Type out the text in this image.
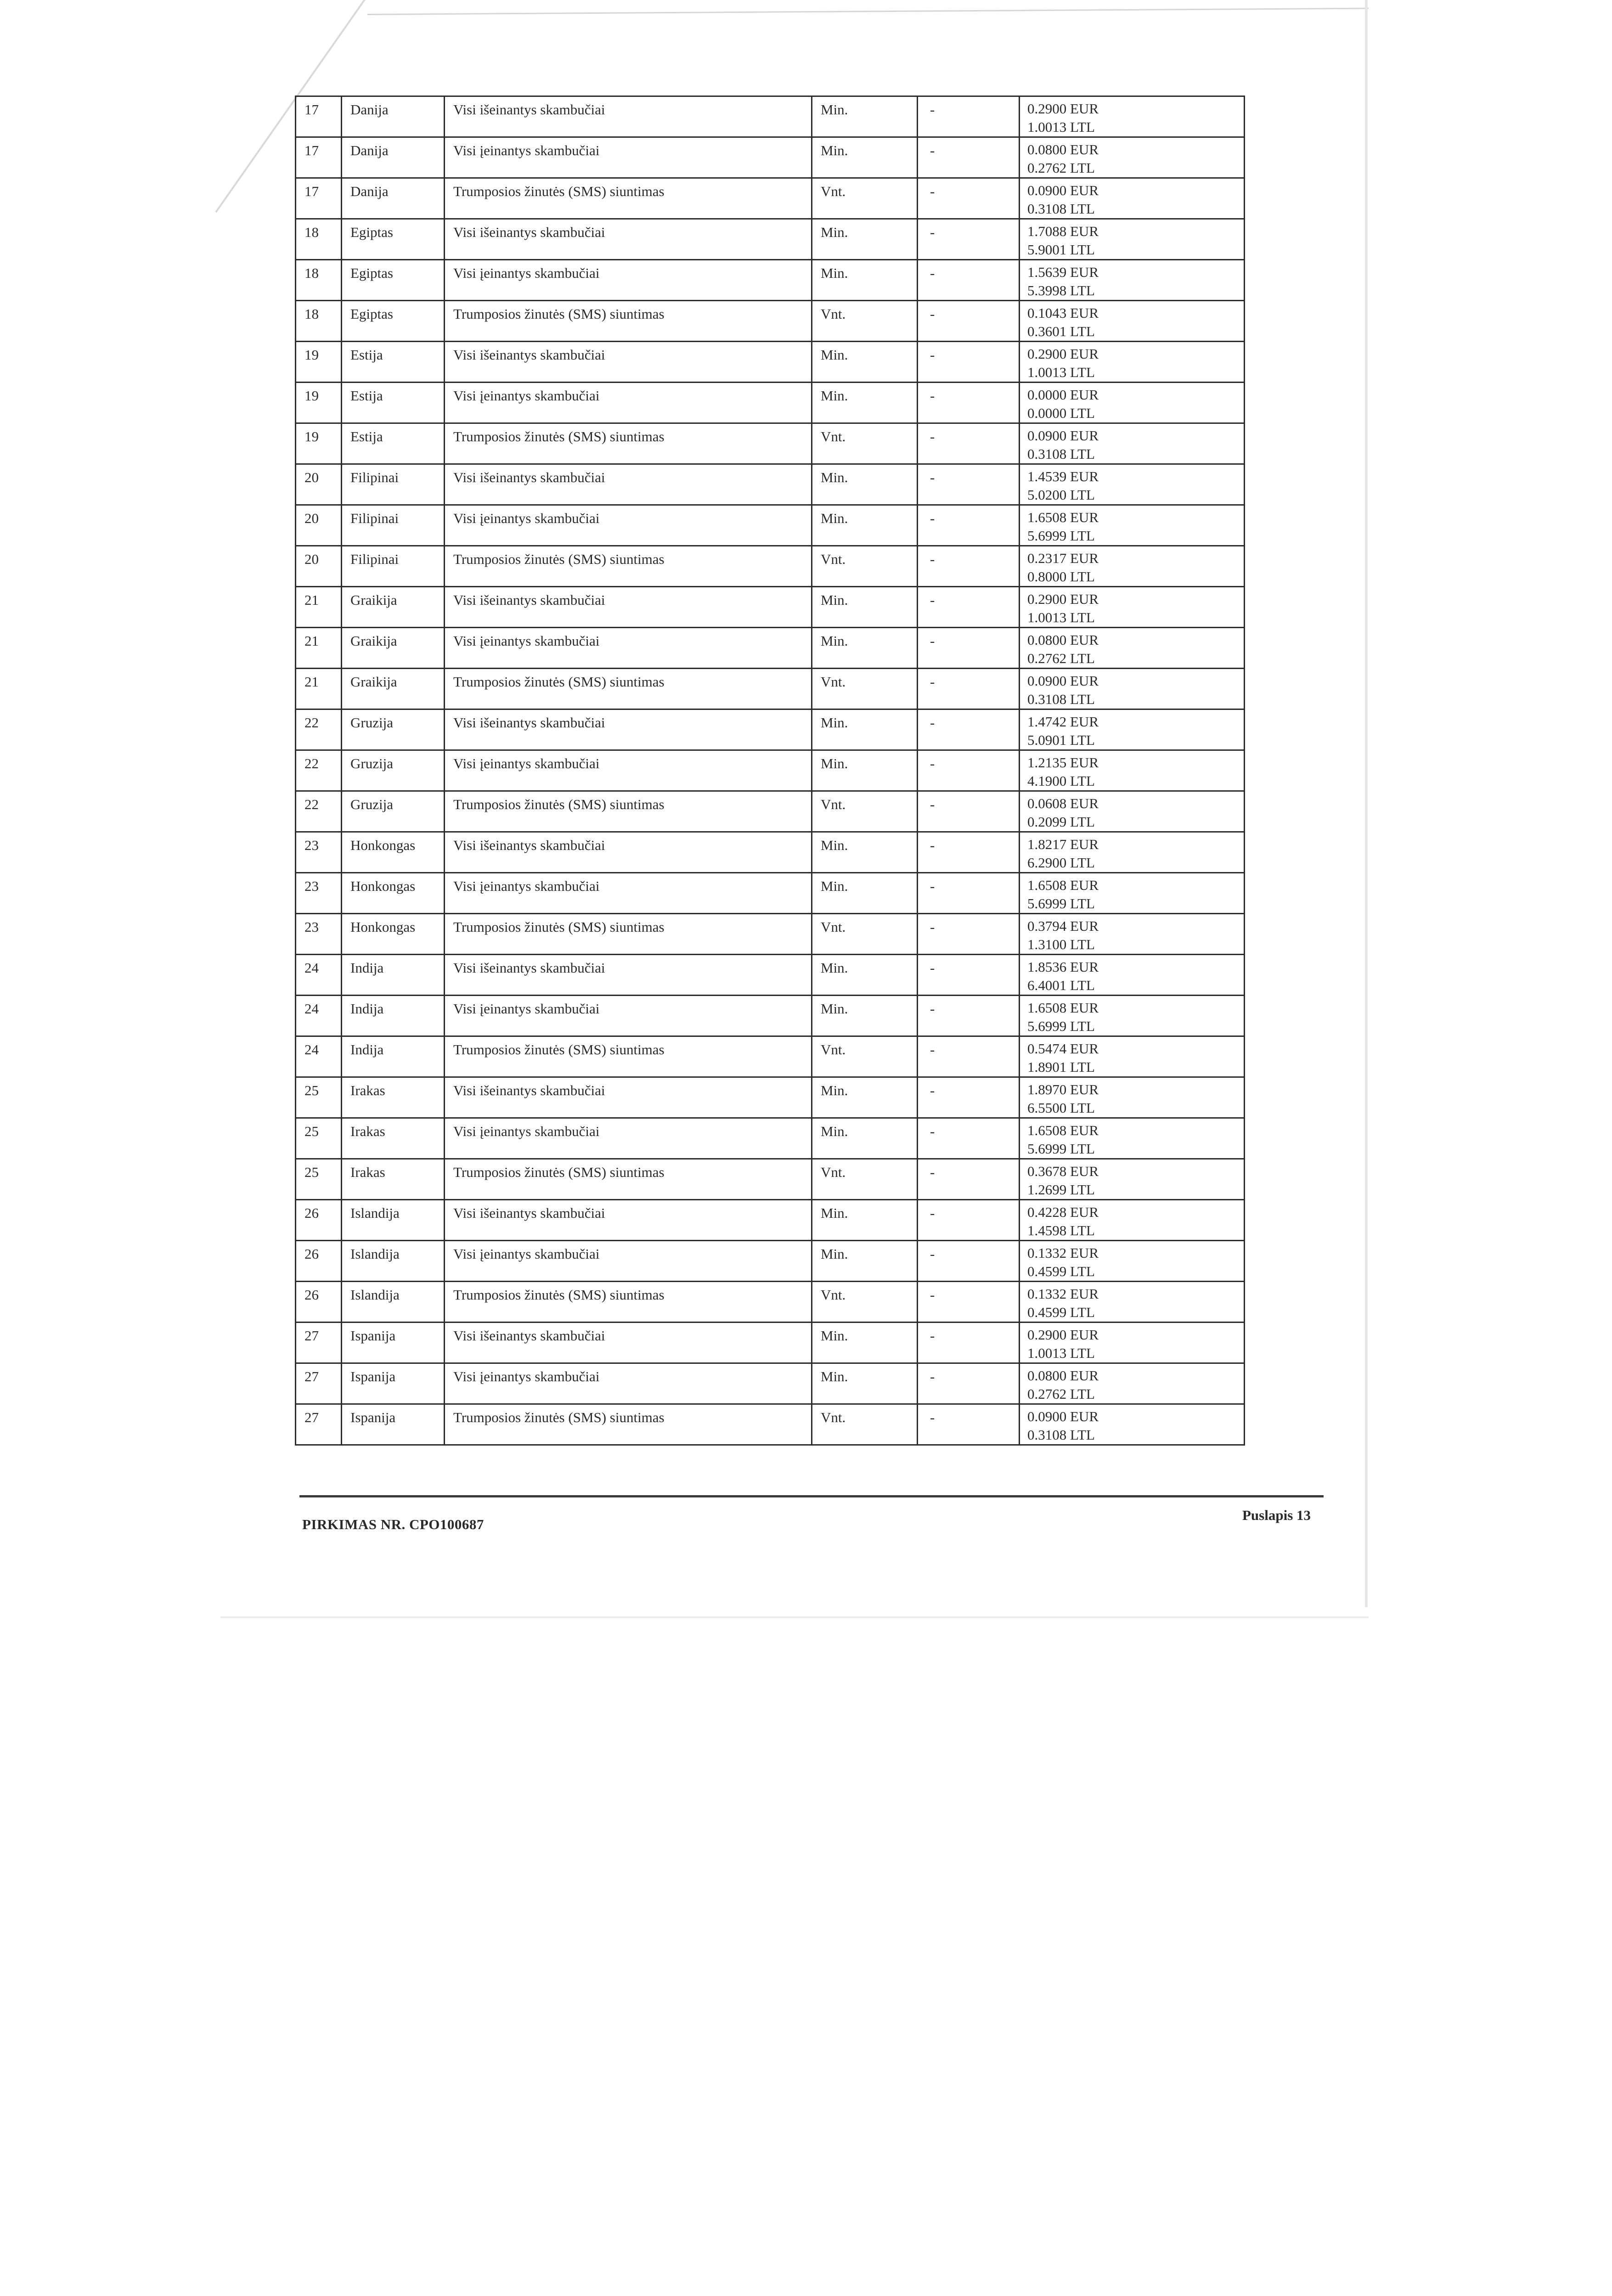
17	Danija	Visi išeinantys skambučiai	Min.	-	0.2900 EUR
1.0013 LTL

17	Danija	Visi įeinantys skambučiai	Min.	-	0.0800 EUR
0.2762 LTL

17	Danija	Trumposios žinutės (SMS) siuntimas	Vnt.	-	0.0900 EUR
0.3108 LTL

18	Egiptas	Visi išeinantys skambučiai	Min.	-	1.7088 EUR
5.9001 LTL

18	Egiptas	Visi įeinantys skambučiai	Min.	-	1.5639 EUR
5.3998 LTL

18	Egiptas	Trumposios žinutės (SMS) siuntimas	Vnt.	-	0.1043 EUR
0.3601 LTL

19	Estija	Visi išeinantys skambučiai	Min.	-	0.2900 EUR
1.0013 LTL

19	Estija	Visi įeinantys skambučiai	Min.	-	0.0000 EUR
0.0000 LTL

19	Estija	Trumposios žinutės (SMS) siuntimas	Vnt.	-	0.0900 EUR
0.3108 LTL

20	Filipinai	Visi išeinantys skambučiai	Min.	-	1.4539 EUR
5.0200 LTL

20	Filipinai	Visi įeinantys skambučiai	Min.	-	1.6508 EUR
5.6999 LTL

20	Filipinai	Trumposios žinutės (SMS) siuntimas	Vnt.	-	0.2317 EUR
0.8000 LTL

21	Graikija	Visi išeinantys skambučiai	Min.	-	0.2900 EUR
1.0013 LTL

21	Graikija	Visi įeinantys skambučiai	Min.	-	0.0800 EUR
0.2762 LTL

21	Graikija	Trumposios žinutės (SMS) siuntimas	Vnt.	-	0.0900 EUR
0.3108 LTL

22	Gruzija	Visi išeinantys skambučiai	Min.	-	1.4742 EUR
5.0901 LTL

22	Gruzija	Visi įeinantys skambučiai	Min.	-	1.2135 EUR
4.1900 LTL

22	Gruzija	Trumposios žinutės (SMS) siuntimas	Vnt.	-	0.0608 EUR
0.2099 LTL

23	Honkongas	Visi išeinantys skambučiai	Min.	-	1.8217 EUR
6.2900 LTL

23	Honkongas	Visi įeinantys skambučiai	Min.	-	1.6508 EUR
5.6999 LTL

23	Honkongas	Trumposios žinutės (SMS) siuntimas	Vnt.	-	0.3794 EUR
1.3100 LTL

24	Indija	Visi išeinantys skambučiai	Min.	-	1.8536 EUR
6.4001 LTL

24	Indija	Visi įeinantys skambučiai	Min.	-	1.6508 EUR
5.6999 LTL

24	Indija	Trumposios žinutės (SMS) siuntimas	Vnt.	-	0.5474 EUR
1.8901 LTL

25	Irakas	Visi išeinantys skambučiai	Min.	-	1.8970 EUR
6.5500 LTL

25	Irakas	Visi įeinantys skambučiai	Min.	-	1.6508 EUR
5.6999 LTL

25	Irakas	Trumposios žinutės (SMS) siuntimas	Vnt.	-	0.3678 EUR
1.2699 LTL

26	Islandija	Visi išeinantys skambučiai	Min.	-	0.4228 EUR
1.4598 LTL

26	Islandija	Visi įeinantys skambučiai	Min.	-	0.1332 EUR
0.4599 LTL

26	Islandija	Trumposios žinutės (SMS) siuntimas	Vnt.	-	0.1332 EUR
0.4599 LTL

27	Ispanija	Visi išeinantys skambučiai	Min.	-	0.2900 EUR
1.0013 LTL

27	Ispanija	Visi įeinantys skambučiai	Min.	-	0.0800 EUR
0.2762 LTL

27	Ispanija	Trumposios žinutės (SMS) siuntimas	Vnt.	-	0.0900 EUR
0.3108 LTL
PIRKIMAS NR. CPO100687
Puslapis 13
